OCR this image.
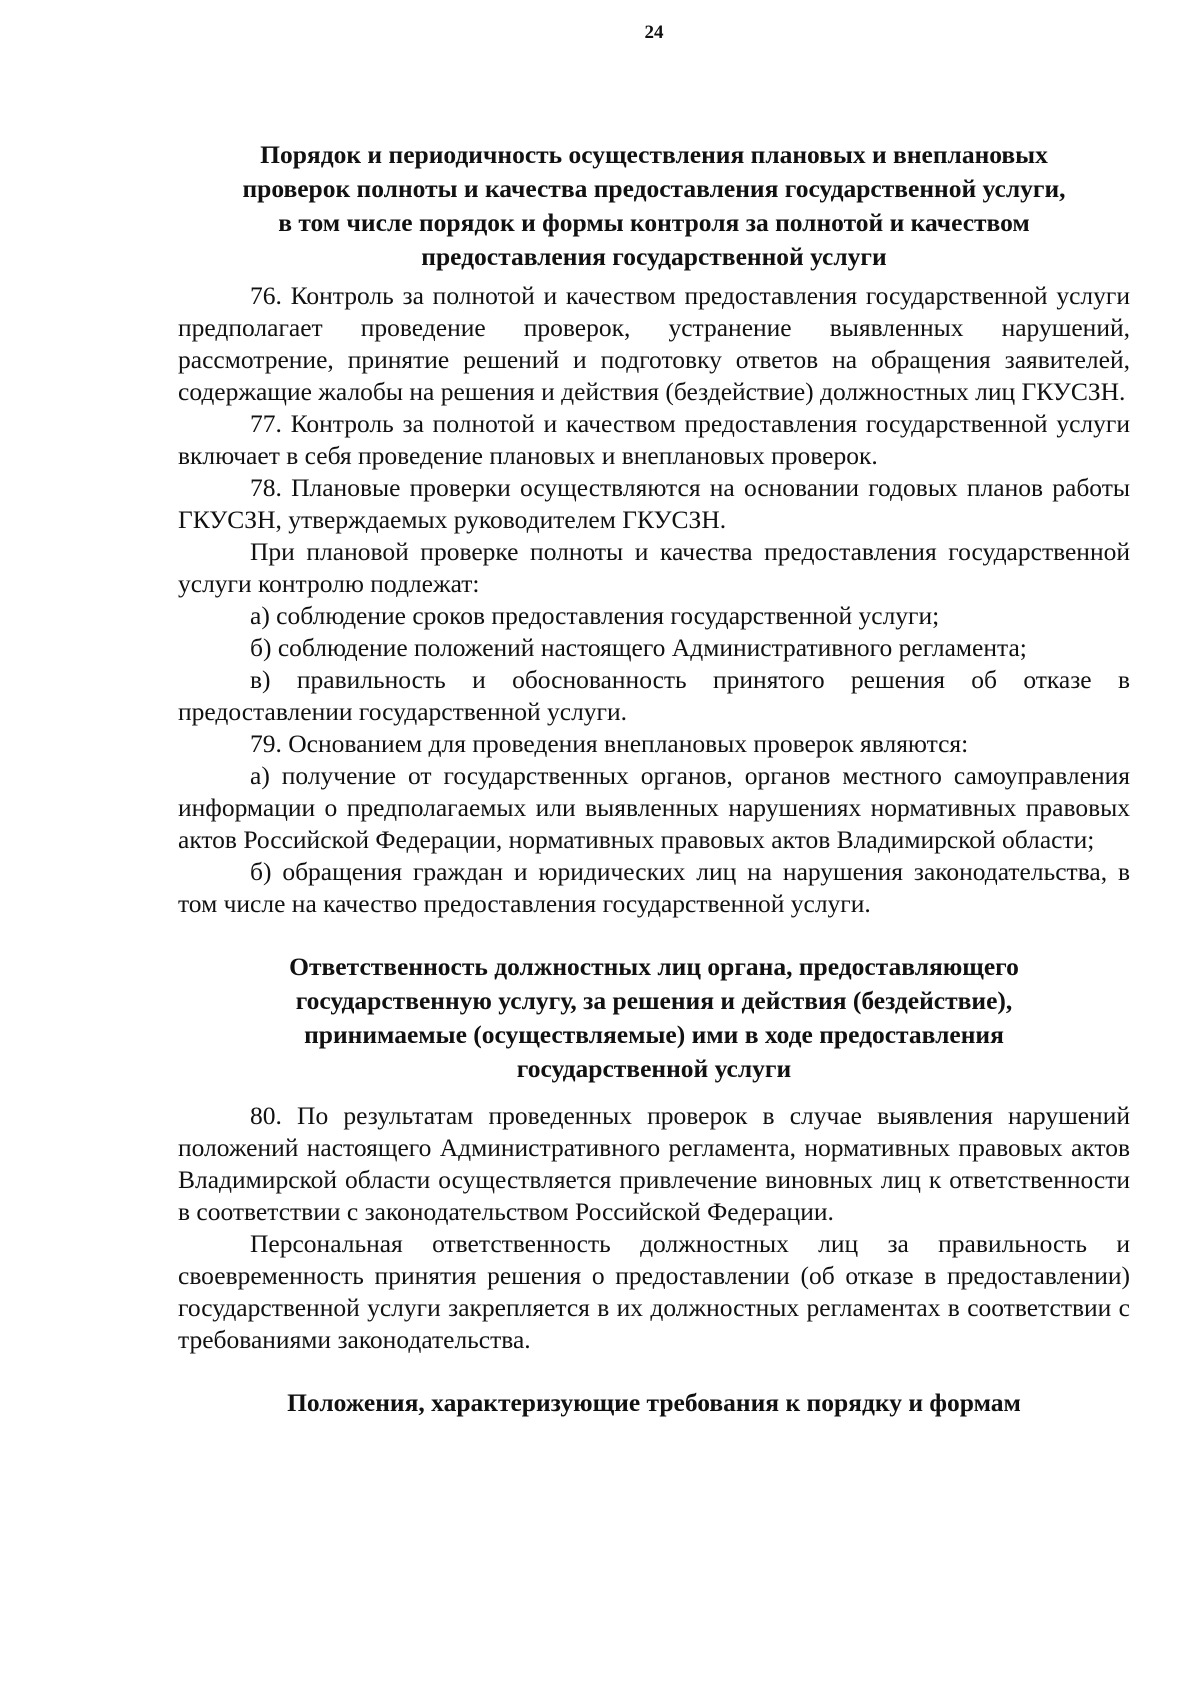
24
Порядок и периодичность осуществления плановых и внеплановых
проверок полноты и качества предоставления государственной услуги,
в том числе порядок и формы контроля за полнотой и качеством
предоставления государственной услуги

76. Контроль за полнотой и качеством предоставления государственной услуги предполагает проведение проверок, устранение выявленных нарушений, рассмотрение, принятие решений и подготовку ответов на обращения заявителей, содержащие жалобы на решения и действия (бездействие) должностных лиц ГКУСЗН.

77. Контроль за полнотой и качеством предоставления государственной услуги включает в себя проведение плановых и внеплановых проверок.

78. Плановые проверки осуществляются на основании годовых планов работы ГКУСЗН, утверждаемых руководителем ГКУСЗН.

При плановой проверке полноты и качества предоставления государственной услуги контролю подлежат:

а) соблюдение сроков предоставления государственной услуги;

б) соблюдение положений настоящего Административного регламента;

в) правильность и обоснованность принятого решения об отказе в предоставлении государственной услуги.

79. Основанием для проведения внеплановых проверок являются:

а) получение от государственных органов, органов местного самоуправления информации о предполагаемых или выявленных нарушениях нормативных правовых актов Российской Федерации, нормативных правовых актов Владимирской области;

б) обращения граждан и юридических лиц на нарушения законодательства, в том числе на качество предоставления государственной услуги.

Ответственность должностных лиц органа, предоставляющего
государственную услугу, за решения и действия (бездействие),
принимаемые (осуществляемые) ими в ходе предоставления
государственной услуги

80. По результатам проведенных проверок в случае выявления нарушений положений настоящего Административного регламента, нормативных правовых актов Владимирской области осуществляется привлечение виновных лиц к ответственности в соответствии с законодательством Российской Федерации.

Персональная ответственность должностных лиц за правильность и своевременность принятия решения о предоставлении (об отказе в предоставлении) государственной услуги закрепляется в их должностных регламентах в соответствии с требованиями законодательства.

Положения, характеризующие требования к порядку и формам
